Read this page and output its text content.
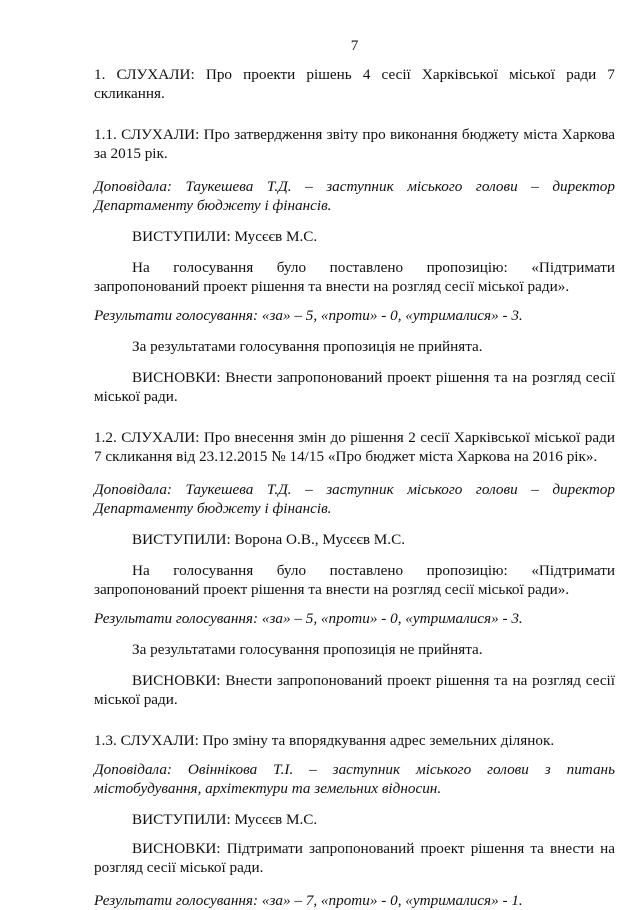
7

1. СЛУХАЛИ: Про проекти рішень 4 сесії Харківської міської ради 7 скликання.

1.1. СЛУХАЛИ: Про затвердження звіту про виконання бюджету міста Харкова за 2015 рік.

Доповідала: Таукешева Т.Д. – заступник міського голови – директор Департаменту бюджету і фінансів.

ВИСТУПИЛИ: Мусєєв М.С.

На голосування було поставлено пропозицію: «Підтримати запропонований проект рішення та внести на розгляд сесії міської ради».

Результати голосування: «за» – 5, «проти» - 0, «утрималися» - 3.

За результатами голосування пропозиція не прийнята.

ВИСНОВКИ: Внести запропонований проект рішення та на розгляд сесії міської ради.

1.2. СЛУХАЛИ: Про внесення змін до рішення 2 сесії Харківської міської ради 7 скликання від 23.12.2015 № 14/15 «Про бюджет міста Харкова на 2016 рік».

Доповідала: Таукешева Т.Д. – заступник міського голови – директор Департаменту бюджету і фінансів.

ВИСТУПИЛИ: Ворона О.В., Мусєєв М.С.

На голосування було поставлено пропозицію: «Підтримати запропонований проект рішення та внести на розгляд сесії міської ради».

Результати голосування: «за» – 5, «проти» - 0, «утрималися» - 3.

За результатами голосування пропозиція не прийнята.

ВИСНОВКИ: Внести запропонований проект рішення та на розгляд сесії міської ради.

1.3. СЛУХАЛИ: Про зміну та впорядкування адрес земельних ділянок.

Доповідала: Овіннікова Т.І. – заступник міського голови з питань містобудування, архітектури та земельних відносин.

ВИСТУПИЛИ: Мусєєв М.С.

ВИСНОВКИ: Підтримати запропонований проект рішення та внести на розгляд сесії міської ради.

Результати голосування: «за» – 7, «проти» - 0, «утрималися» - 1.
